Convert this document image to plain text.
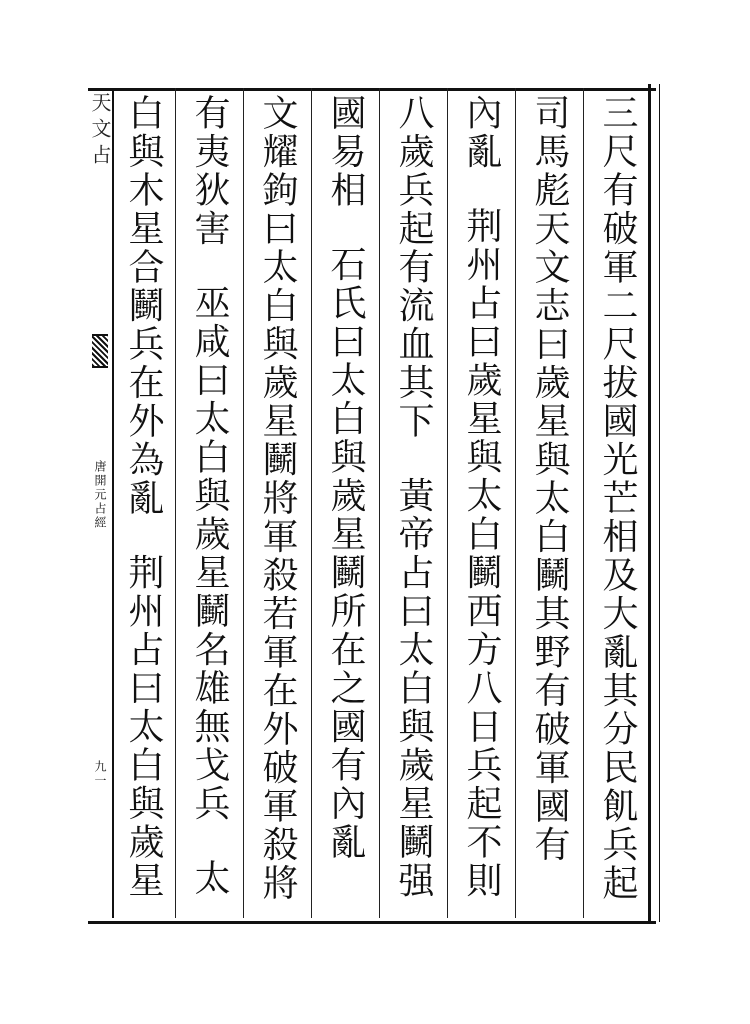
天文占
唐開元占經
九一	三尺有破軍二尺拔國光芒相及大亂其分民飢兵起
司馬彪天文志曰歲星與太白鬭其野有破軍國有
內亂荆州占曰歲星與太白鬭西方八日兵起不則
八歲兵起有流血其下黃帝占曰太白與歲星鬭强
國易相石氏曰太白與歲星鬭所在之國有內亂
文耀鉤曰太白與歲星鬭將軍殺若軍在外破軍殺將
有夷狄害巫咸曰太白與歲星鬭名雄無戈兵太
白與木星合鬭兵在外為亂荆州占曰太白與歲星
